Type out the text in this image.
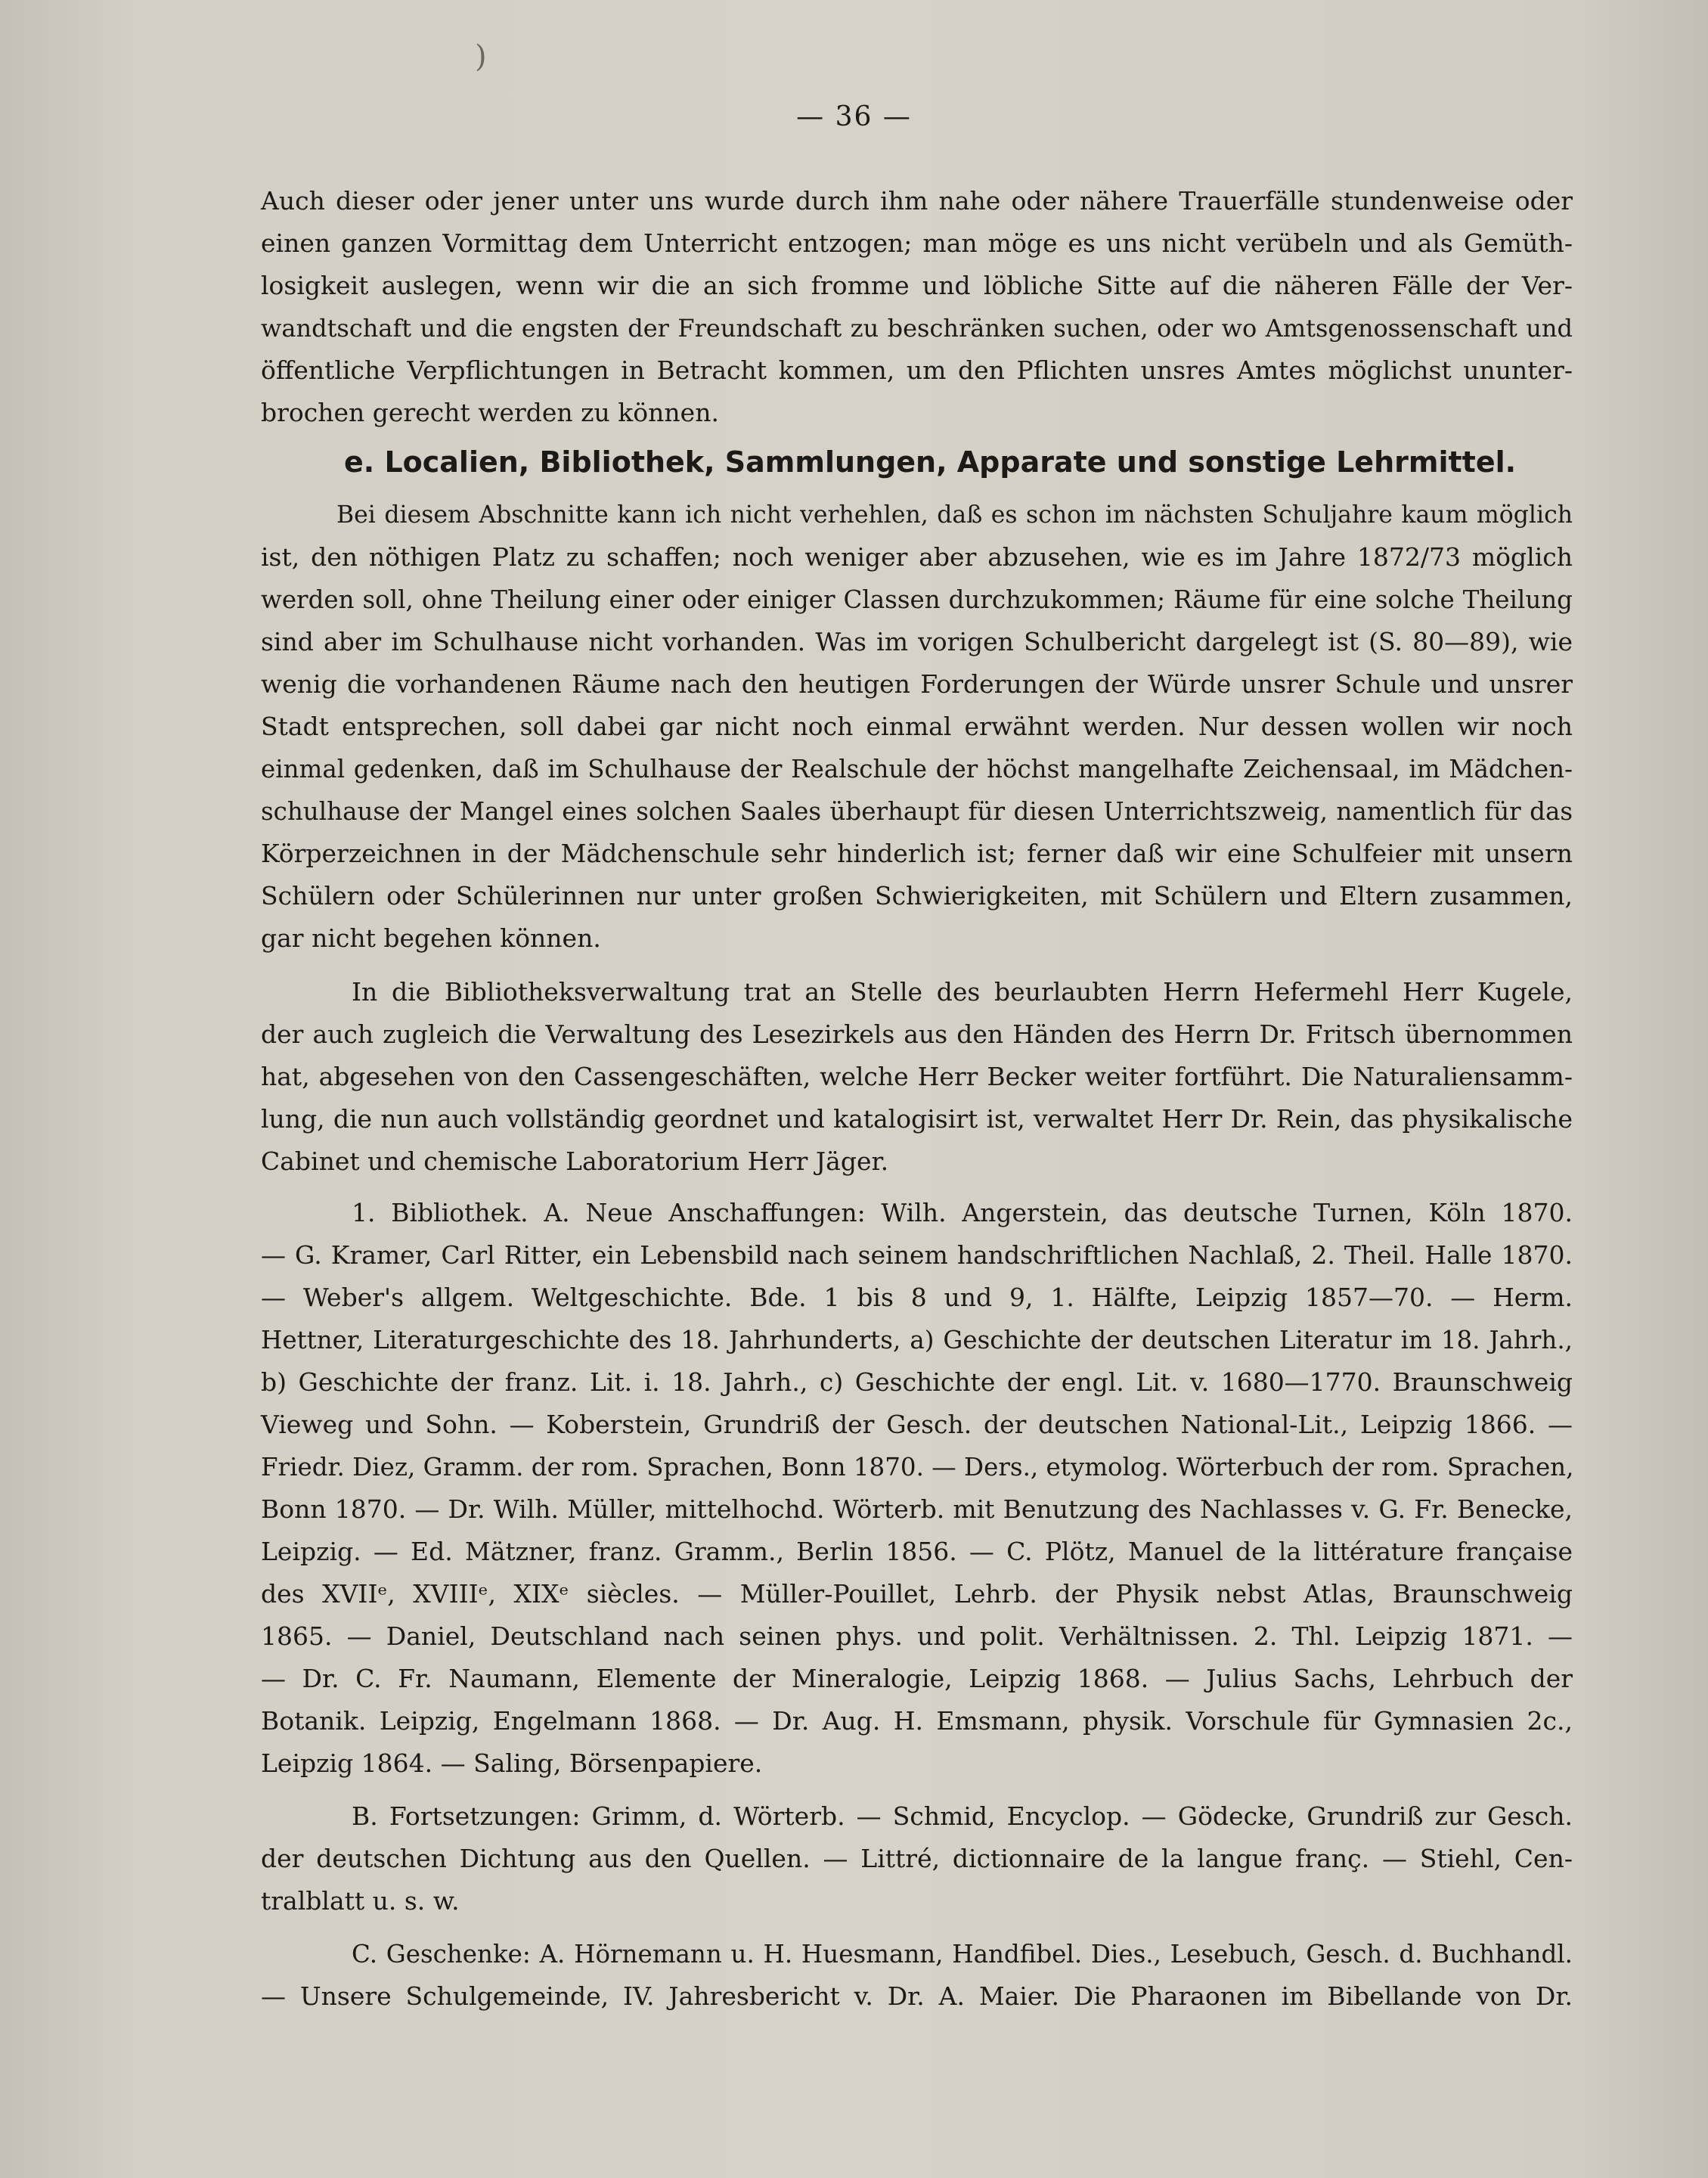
)
— 36 —
Auch dieser oder jener unter uns wurde durch ihm nahe oder nähere Trauerfälle stundenweise oder
einen ganzen Vormittag dem Unterricht entzogen; man möge es uns nicht verübeln und als Gemüth-
losigkeit auslegen, wenn wir die an sich fromme und löbliche Sitte auf die näheren Fälle der Ver-
wandtschaft und die engsten der Freundschaft zu beschränken suchen, oder wo Amtsgenossenschaft und
öffentliche Verpflichtungen in Betracht kommen, um den Pflichten unsres Amtes möglichst ununter-
brochen gerecht werden zu können.
e. Localien, Bibliothek, Sammlungen, Apparate und sonstige Lehrmittel.
Bei diesem Abschnitte kann ich nicht verhehlen, daß es schon im nächsten Schuljahre kaum möglich
ist, den nöthigen Platz zu schaffen; noch weniger aber abzusehen, wie es im Jahre 1872/73 möglich
werden soll, ohne Theilung einer oder einiger Classen durchzukommen; Räume für eine solche Theilung
sind aber im Schulhause nicht vorhanden. Was im vorigen Schulbericht dargelegt ist (S. 80—89), wie
wenig die vorhandenen Räume nach den heutigen Forderungen der Würde unsrer Schule und unsrer
Stadt entsprechen, soll dabei gar nicht noch einmal erwähnt werden. Nur dessen wollen wir noch
einmal gedenken, daß im Schulhause der Realschule der höchst mangelhafte Zeichensaal, im Mädchen-
schulhause der Mangel eines solchen Saales überhaupt für diesen Unterrichtszweig, namentlich für das
Körperzeichnen in der Mädchenschule sehr hinderlich ist; ferner daß wir eine Schulfeier mit unsern
Schülern oder Schülerinnen nur unter großen Schwierigkeiten, mit Schülern und Eltern zusammen,
gar nicht begehen können.
In die Bibliotheksverwaltung trat an Stelle des beurlaubten Herrn Hefermehl Herr Kugele,
der auch zugleich die Verwaltung des Lesezirkels aus den Händen des Herrn Dr. Fritsch übernommen
hat, abgesehen von den Cassengeschäften, welche Herr Becker weiter fortführt. Die Naturaliensamm-
lung, die nun auch vollständig geordnet und katalogisirt ist, verwaltet Herr Dr. Rein, das physikalische
Cabinet und chemische Laboratorium Herr Jäger.
1. Bibliothek. A. Neue Anschaffungen: Wilh. Angerstein, das deutsche Turnen, Köln 1870.
— G. Kramer, Carl Ritter, ein Lebensbild nach seinem handschriftlichen Nachlaß, 2. Theil. Halle 1870.
— Weber's allgem. Weltgeschichte. Bde. 1 bis 8 und 9, 1. Hälfte, Leipzig 1857—70. — Herm.
Hettner, Literaturgeschichte des 18. Jahrhunderts, a) Geschichte der deutschen Literatur im 18. Jahrh.,
b) Geschichte der franz. Lit. i. 18. Jahrh., c) Geschichte der engl. Lit. v. 1680—1770. Braunschweig
Vieweg und Sohn. — Koberstein, Grundriß der Gesch. der deutschen National-Lit., Leipzig 1866. —
Friedr. Diez, Gramm. der rom. Sprachen, Bonn 1870. — Ders., etymolog. Wörterbuch der rom. Sprachen,
Bonn 1870. — Dr. Wilh. Müller, mittelhochd. Wörterb. mit Benutzung des Nachlasses v. G. Fr. Benecke,
Leipzig. — Ed. Mätzner, franz. Gramm., Berlin 1856. — C. Plötz, Manuel de la littérature française
des XVIIᵉ, XVIIIᵉ, XIXᵉ siècles. — Müller-Pouillet, Lehrb. der Physik nebst Atlas, Braunschweig
1865. — Daniel, Deutschland nach seinen phys. und polit. Verhältnissen. 2. Thl. Leipzig 1871. —
— Dr. C. Fr. Naumann, Elemente der Mineralogie, Leipzig 1868. — Julius Sachs, Lehrbuch der
Botanik. Leipzig, Engelmann 1868. — Dr. Aug. H. Emsmann, physik. Vorschule für Gymnasien 2c.,
Leipzig 1864. — Saling, Börsenpapiere.
B. Fortsetzungen: Grimm, d. Wörterb. — Schmid, Encyclop. — Gödecke, Grundriß zur Gesch.
der deutschen Dichtung aus den Quellen. — Littré, dictionnaire de la langue franç. — Stiehl, Cen-
tralblatt u. s. w.
C. Geschenke: A. Hörnemann u. H. Huesmann, Handfibel. Dies., Lesebuch, Gesch. d. Buchhandl.
— Unsere Schulgemeinde, IV. Jahresbericht v. Dr. A. Maier. Die Pharaonen im Bibellande von Dr.
